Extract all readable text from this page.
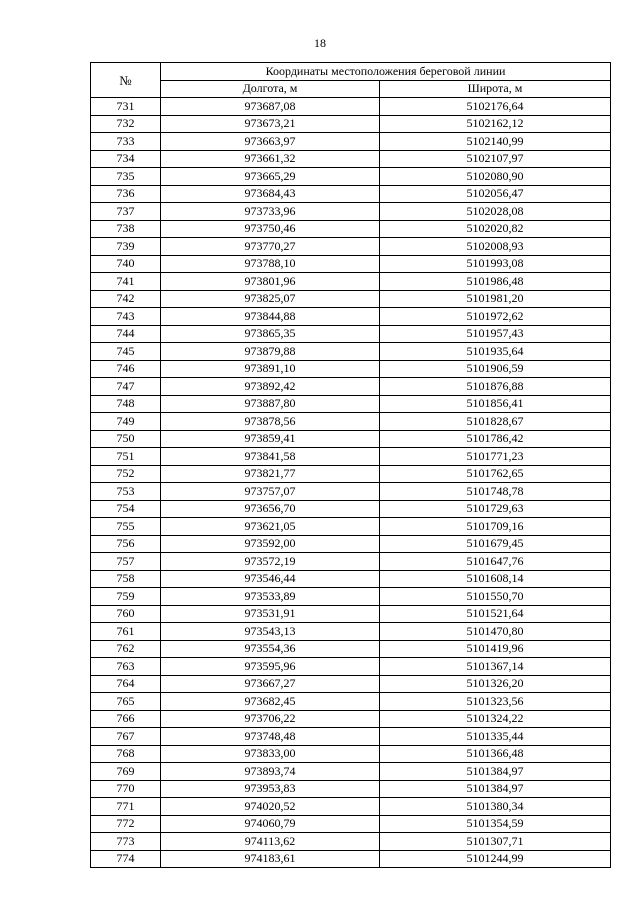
18
№	Координаты местоположения береговой линии	
	Долгота, м	Широта, м
731	973687,08	5102176,64
732	973673,21	5102162,12
733	973663,97	5102140,99
734	973661,32	5102107,97
735	973665,29	5102080,90
736	973684,43	5102056,47
737	973733,96	5102028,08
738	973750,46	5102020,82
739	973770,27	5102008,93
740	973788,10	5101993,08
741	973801,96	5101986,48
742	973825,07	5101981,20
743	973844,88	5101972,62
744	973865,35	5101957,43
745	973879,88	5101935,64
746	973891,10	5101906,59
747	973892,42	5101876,88
748	973887,80	5101856,41
749	973878,56	5101828,67
750	973859,41	5101786,42
751	973841,58	5101771,23
752	973821,77	5101762,65
753	973757,07	5101748,78
754	973656,70	5101729,63
755	973621,05	5101709,16
756	973592,00	5101679,45
757	973572,19	5101647,76
758	973546,44	5101608,14
759	973533,89	5101550,70
760	973531,91	5101521,64
761	973543,13	5101470,80
762	973554,36	5101419,96
763	973595,96	5101367,14
764	973667,27	5101326,20
765	973682,45	5101323,56
766	973706,22	5101324,22
767	973748,48	5101335,44
768	973833,00	5101366,48
769	973893,74	5101384,97
770	973953,83	5101384,97
771	974020,52	5101380,34
772	974060,79	5101354,59
773	974113,62	5101307,71
774	974183,61	5101244,99
